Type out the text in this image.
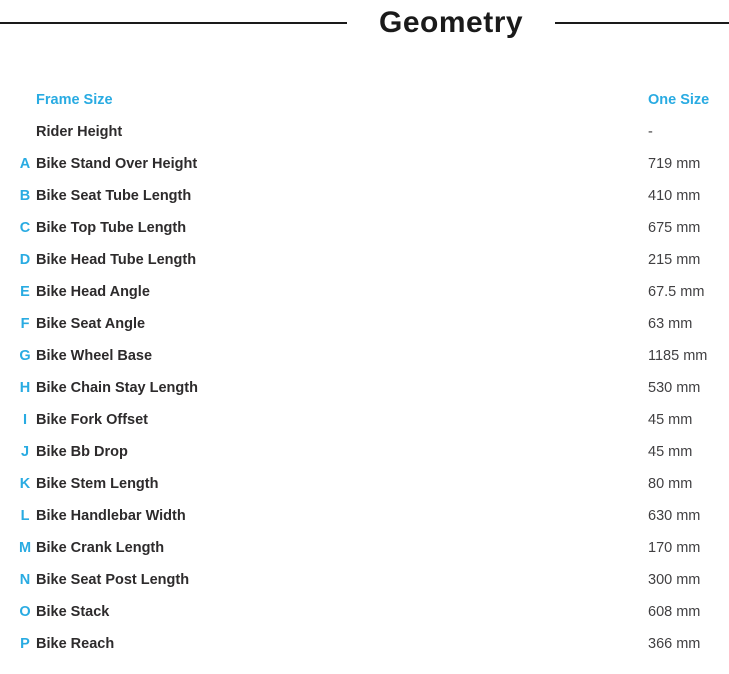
Geometry
Frame Size	One Size
Rider Height	-
A Bike Stand Over Height	719 mm
B Bike Seat Tube Length	410 mm
C Bike Top Tube Length	675 mm
D Bike Head Tube Length	215 mm
E Bike Head Angle	67.5 mm
F Bike Seat Angle	63 mm
G Bike Wheel Base	1185 mm
H Bike Chain Stay Length	530 mm
I Bike Fork Offset	45 mm
J Bike Bb Drop	45 mm
K Bike Stem Length	80 mm
L Bike Handlebar Width	630 mm
M Bike Crank Length	170 mm
N Bike Seat Post Length	300 mm
O Bike Stack	608 mm
P Bike Reach	366 mm
